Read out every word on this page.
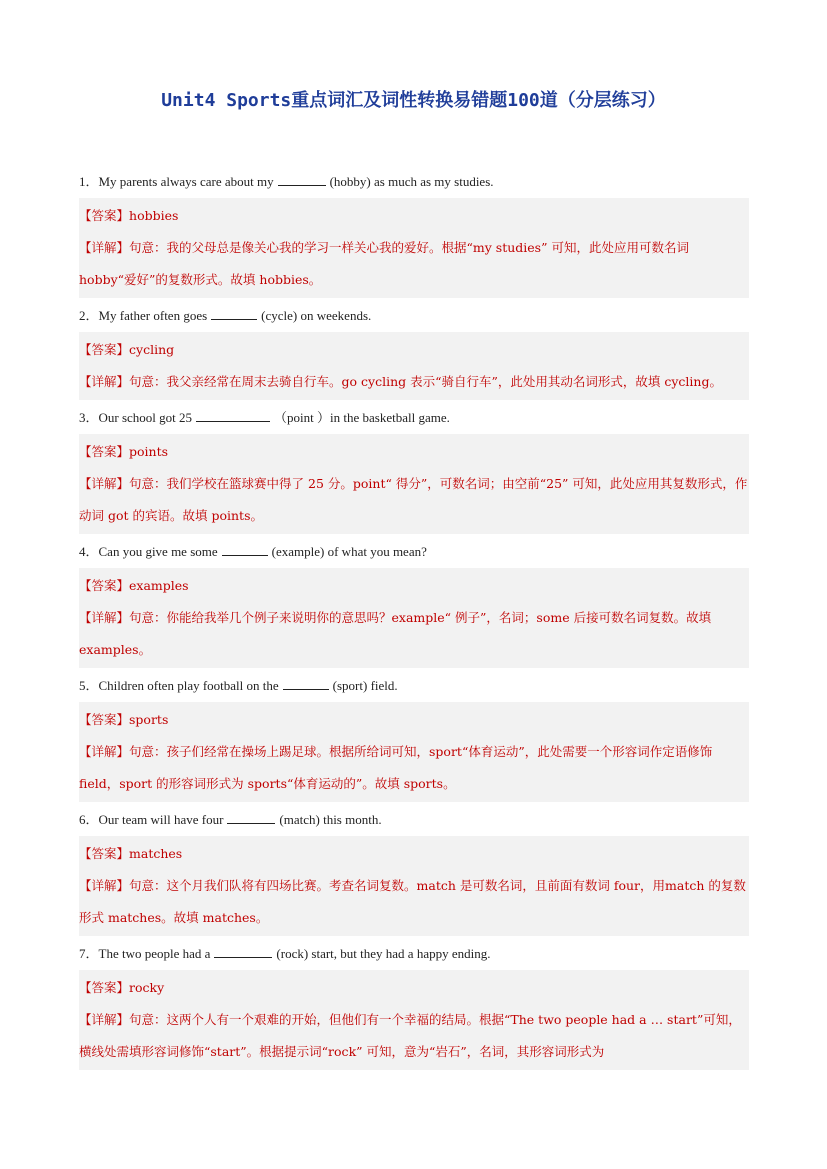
Unit4 Sports重点词汇及词性转换易错题100道（分层练习）
1．My parents always care about my	(hobby) as much as my studies.
【答案】hobbies
【详解】句意：我的父母总是像关心我的学习一样关心我的爱好。根据“my studies” 可知，此处应用可数名词 hobby“爱好”的复数形式。故填 hobbies。
2．My father often goes	(cycle) on weekends.
【答案】cycling
【详解】句意：我父亲经常在周末去骑自行车。go cycling 表示“骑自行车”，此处用其动名词形式，故填 cycling。
3．Our school got 25	（point ）in the basketball game.
【答案】points
【详解】句意：我们学校在篮球赛中得了 25 分。point“ 得分”，可数名词；由空前“25” 可知，此处应用其复数形式，作动词 got 的宾语。故填 points。
4．Can you give me some	(example) of what you mean?
【答案】examples
【详解】句意：你能给我举几个例子来说明你的意思吗？example“ 例子”，名词；some 后接可数名词复数。故填 examples。
5．Children often play football on the	(sport) field.
【答案】sports
【详解】句意：孩子们经常在操场上踢足球。根据所给词可知，sport“体育运动”，此处需要一个形容词作定语修饰 field，sport 的形容词形式为 sports“体育运动的”。故填 sports。
6．Our team will have four	(match) this month.
【答案】matches
【详解】句意：这个月我们队将有四场比赛。考查名词复数。match 是可数名词，且前面有数词 four，用match 的复数形式 matches。故填 matches。
7．The two people had a	(rock) start, but they had a happy ending.
【答案】rocky
【详解】句意：这两个人有一个艰难的开始，但他们有一个幸福的结局。根据“The two people had a … start”可知，横线处需填形容词修饰“start”。根据提示词“rock” 可知，意为“岩石”，名词，其形容词形式为
